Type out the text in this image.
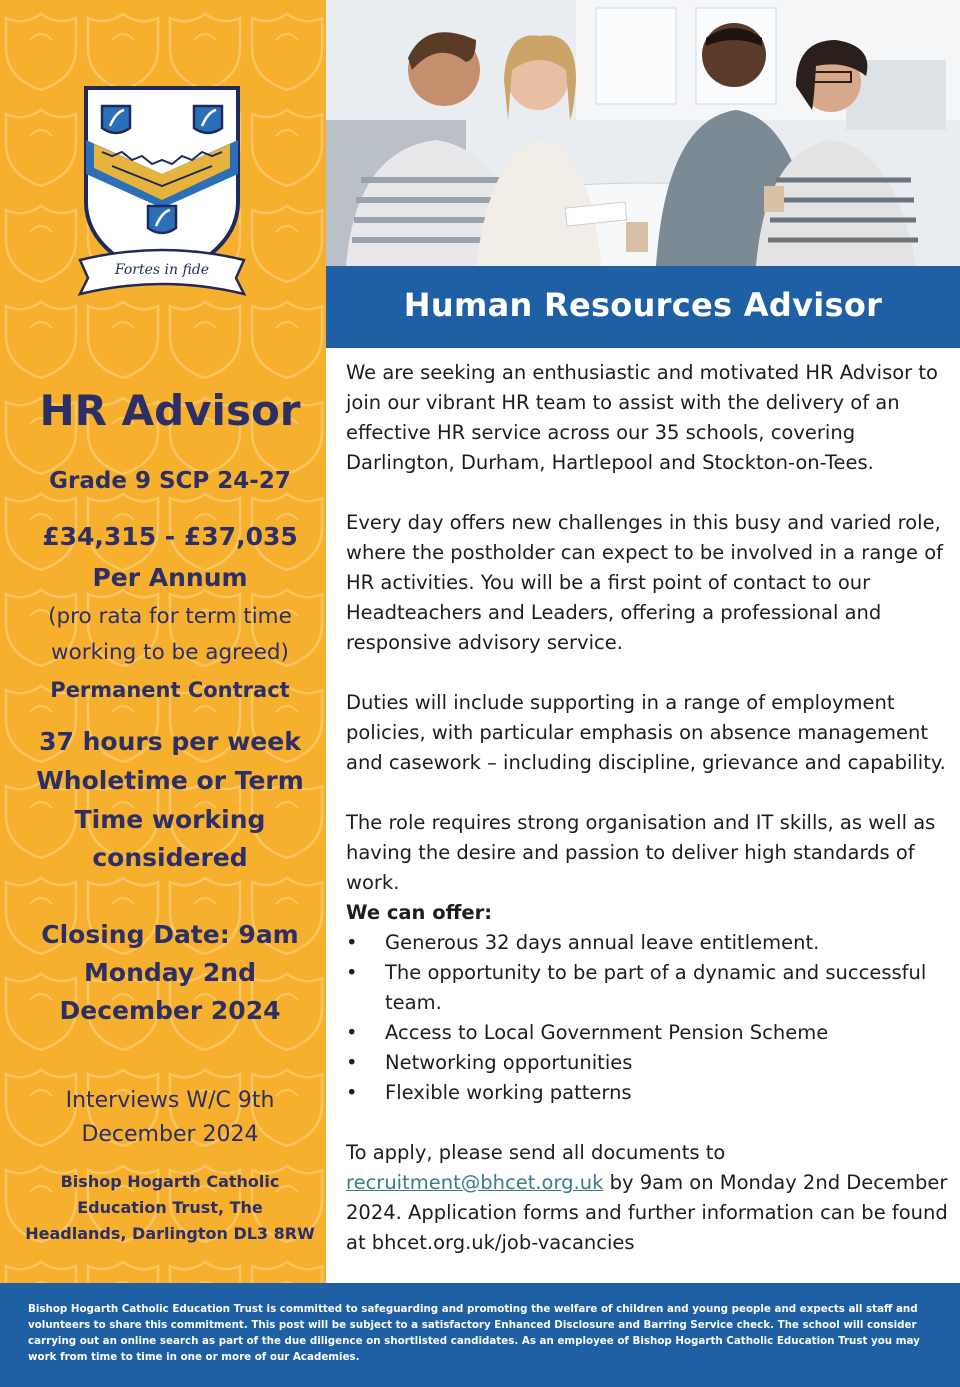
Fortes in fide
HR Advisor
Grade 9 SCP 24-27
£34,315 - £37,035
Per Annum
(pro rata for term time
working to be agreed)
Permanent Contract
37 hours per week
Wholetime or Term
Time working
considered
Closing Date: 9am
Monday 2nd
December 2024
Interviews W/C 9th
December 2024
Bishop Hogarth Catholic
Education Trust, The
Headlands, Darlington DL3 8RW
Human Resources Advisor

We are seeking an enthusiastic and motivated HR Advisor to join our vibrant HR team to assist with the delivery of an effective HR service across our 35 schools, covering Darlington, Durham, Hartlepool and Stockton-on-Tees.

Every day offers new challenges in this busy and varied role, where the postholder can expect to be involved in a range of HR activities. You will be a first point of contact to our Headteachers and Leaders, offering a professional and responsive advisory service.

Duties will include supporting in a range of employment policies, with particular emphasis on absence management and casework – including discipline, grievance and capability.

The role requires strong organisation and IT skills, as well as having the desire and passion to deliver high standards of work.

We can offer:

• Generous 32 days annual leave entitlement.
• The opportunity to be part of a dynamic and successful team.
• Access to Local Government Pension Scheme
• Networking opportunities
• Flexible working patterns

To apply, please send all documents to
recruitment@bhcet.org.uk by 9am on Monday 2nd December 2024. Application forms and further information can be found at bhcet.org.uk/job-vacancies

Bishop Hogarth Catholic Education Trust is committed to safeguarding and promoting the welfare of children and young people and expects all staff and volunteers to share this commitment. This post will be subject to a satisfactory Enhanced Disclosure and Barring Service check. The school will consider carrying out an online search as part of the due diligence on shortlisted candidates. As an employee of Bishop Hogarth Catholic Education Trust you may work from time to time in one or more of our Academies.
